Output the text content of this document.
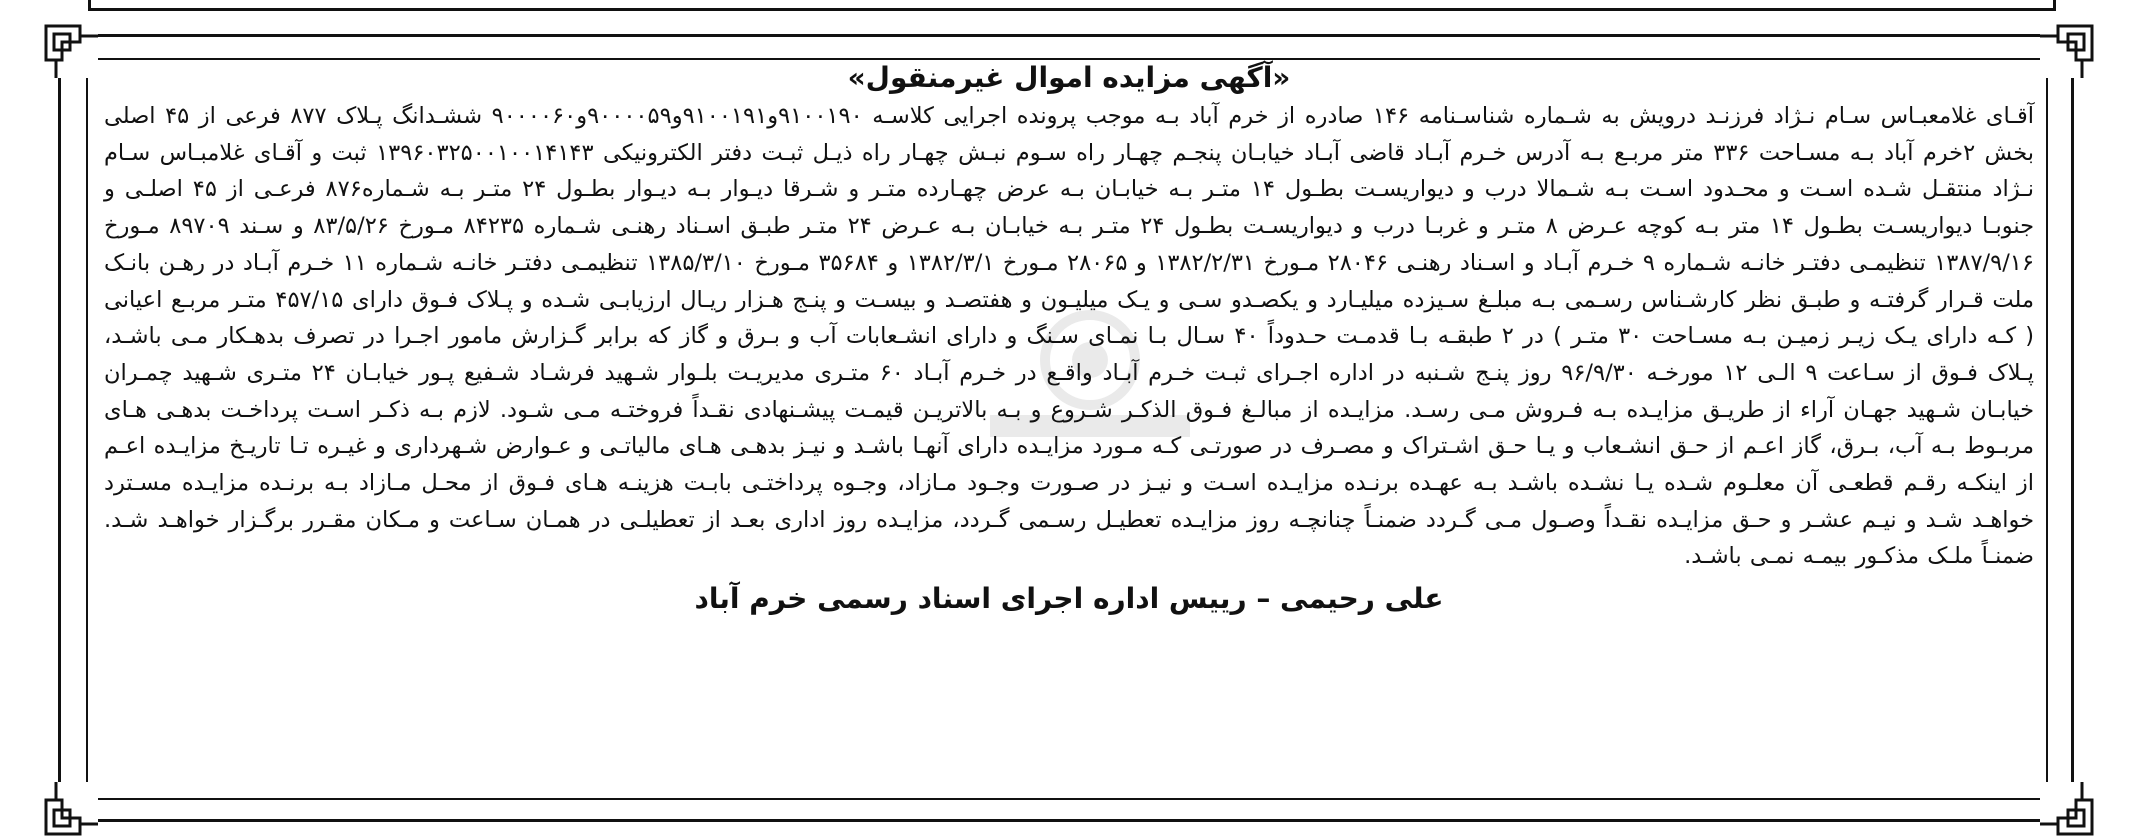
«آگهی مزایده اموال غیرمنقول»

آقـای غلامعبـاس سـام نـژاد فرزنـد درویش به شـماره شناسـنامه ۱۴۶ صادره از خرم آباد بـه موجب پرونده اجرایی کلاسـه ۹۱۰۰۱۹۰و۹۱۰۰۱۹۱و۹۰۰۰۰۵۹و۹۰۰۰۰۶۰ ششـدانگ پـلاک ۸۷۷ فرعی از ۴۵ اصلی بخش ۲خرم آباد بـه مسـاحت ۳۳۶ متر مربـع بـه آدرس خـرم آبـاد قاضی آبـاد خیابـان پنجـم چهـار راه سـوم نبـش چهـار راه ذیـل ثبـت دفتر الکترونیکی ۱۳۹۶۰۳۲۵۰۰۱۰۰۱۴۱۴۳ ثبت و آقـای غلامبـاس سـام نـژاد منتقـل شـده اسـت و محـدود اسـت بـه شـمالا درب و دیواریسـت بطـول ۱۴ متـر بـه خیابـان بـه عرض چهـارده متـر و شـرقا دیـوار بـه دیـوار بطـول ۲۴ متـر بـه شـماره۸۷۶ فرعـی از ۴۵ اصلـی و جنوبـا دیواریسـت بطـول ۱۴ متر بـه کوچه عـرض ۸ متـر و غربـا درب و دیواریسـت بطـول ۲۴ متـر بـه خیابـان بـه عـرض ۲۴ متـر طبـق اسـناد رهنـی شـماره ۸۴۲۳۵ مـورخ ۸۳/۵/۲۶ و سـند ۸۹۷۰۹ مـورخ ۱۳۸۷/۹/۱۶ تنظیمـی دفتـر خانـه شـماره ۹ خـرم آبـاد و اسـناد رهنـی ۲۸۰۴۶ مـورخ ۱۳۸۲/۲/۳۱ و ۲۸۰۶۵ مـورخ ۱۳۸۲/۳/۱ و ۳۵۶۸۴ مـورخ ۱۳۸۵/۳/۱۰ تنظیمـی دفتـر خانـه شـماره ۱۱ خـرم آبـاد در رهـن بانـک ملت قـرار گرفتـه و طبـق نظر کارشـناس رسـمی بـه مبلـغ سـیزده میلیـارد و یکصـدو سـی و یـک میلیـون و هفتصـد و بیسـت و پنـج هـزار ریـال ارزیابـی شـده و پـلاک فـوق دارای ۴۵۷/۱۵ متـر مربـع اعیانی ( کـه دارای یـک زیـر زمیـن بـه مسـاحت ۳۰ متـر ) در ۲ طبقـه بـا قدمـت حـدوداً ۴۰ سـال بـا نمـای سـنگ و دارای انشـعابات آب و بـرق و گاز که برابر گـزارش مامور اجـرا در تصرف بدهـکار مـی باشـد، پـلاک فـوق از سـاعت ۹ الـی ۱۲ مورخـه ۹۶/۹/۳۰ روز پنـج شـنبه در اداره اجـرای ثبـت خـرم آبـاد واقـع در خـرم آبـاد ۶۰ متـری مدیریـت بلـوار شـهید فرشـاد شـفیع پـور خیابـان ۲۴ متـری شـهید چمـران خیابـان شـهید جهـان آراء از طریـق مزایـده بـه فـروش مـی رسـد. مزایـده از مبالـغ فـوق الذکـر شـروع و بـه بالاتریـن قیمـت پیشـنهادی نقـداً فروختـه مـی شـود. لازم بـه ذکـر اسـت پرداخـت بدهـی هـای مربـوط بـه آب، بـرق، گاز اعـم از حـق انشـعاب و یـا حـق اشـتراک و مصـرف در صورتـی کـه مـورد مزایـده دارای آنهـا باشـد و نیـز بدهـی هـای مالیاتـی و عـوارض شـهرداری و غیـره تـا تاریـخ مزایـده اعـم از اینکـه رقـم قطعـی آن معلـوم شـده یـا نشـده باشـد بـه عهـده برنـده مزایـده اسـت و نیـز در صـورت وجـود مـازاد، وجـوه پرداختـی بابـت هزینـه هـای فـوق از محـل مـازاد بـه برنـده مزایـده مسـترد خواهـد شـد و نیـم عشـر و حـق مزایـده نقـداً وصـول مـی گـردد ضمنـاً چنانچـه روز مزایـده تعطیـل رسـمی گـردد، مزایـده روز اداری بعـد از تعطیلـی در همـان سـاعت و مـکان مقـرر برگـزار خواهـد شـد. ضمنـاً ملـک مذکـور بیمـه نمـی باشـد.

علی رحیمی – رییس اداره اجرای اسناد رسمی خرم آباد
